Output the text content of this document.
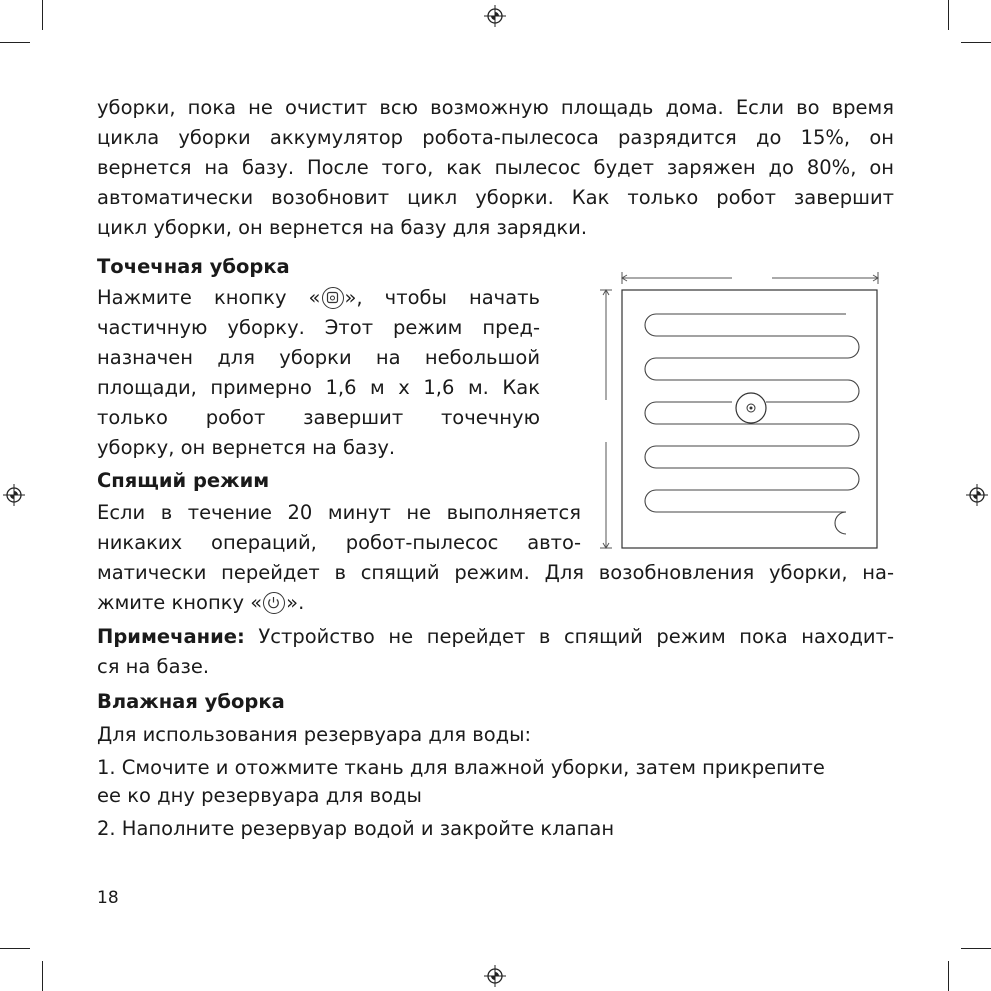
уборки, пока не очистит всю возможную площадь дома. Если во время
цикла уборки аккумулятор робота-пылесоса разрядится до 15%, он
вернется на базу. После того, как пылесос будет заряжен до 80%, он
автоматически возобновит цикл уборки. Как только робот завершит
цикл уборки, он вернется на базу для зарядки.
Точечная уборка
Нажмите кнопку « », чтобы начать
частичную уборку. Этот режим пред-
назначен для уборки на небольшой
площади, примерно 1,6 м х 1,6 м. Как
только робот завершит точечную
уборку, он вернется на базу.
Спящий режим
Если в течение 20 минут не выполняется
никаких операций, робот-пылесос авто-
матически перейдет в спящий режим. Для возобновления уборки, на-
жмите кнопку « ».
Примечание: Устройство не перейдет в спящий режим пока находит-
ся на базе.
Влажная уборка
Для использования резервуара для воды:
1. Смочите и отожмите ткань для влажной уборки, затем прикрепите
ее ко дну резервуара для воды
2. Наполните резервуар водой и закройте клапан
18
